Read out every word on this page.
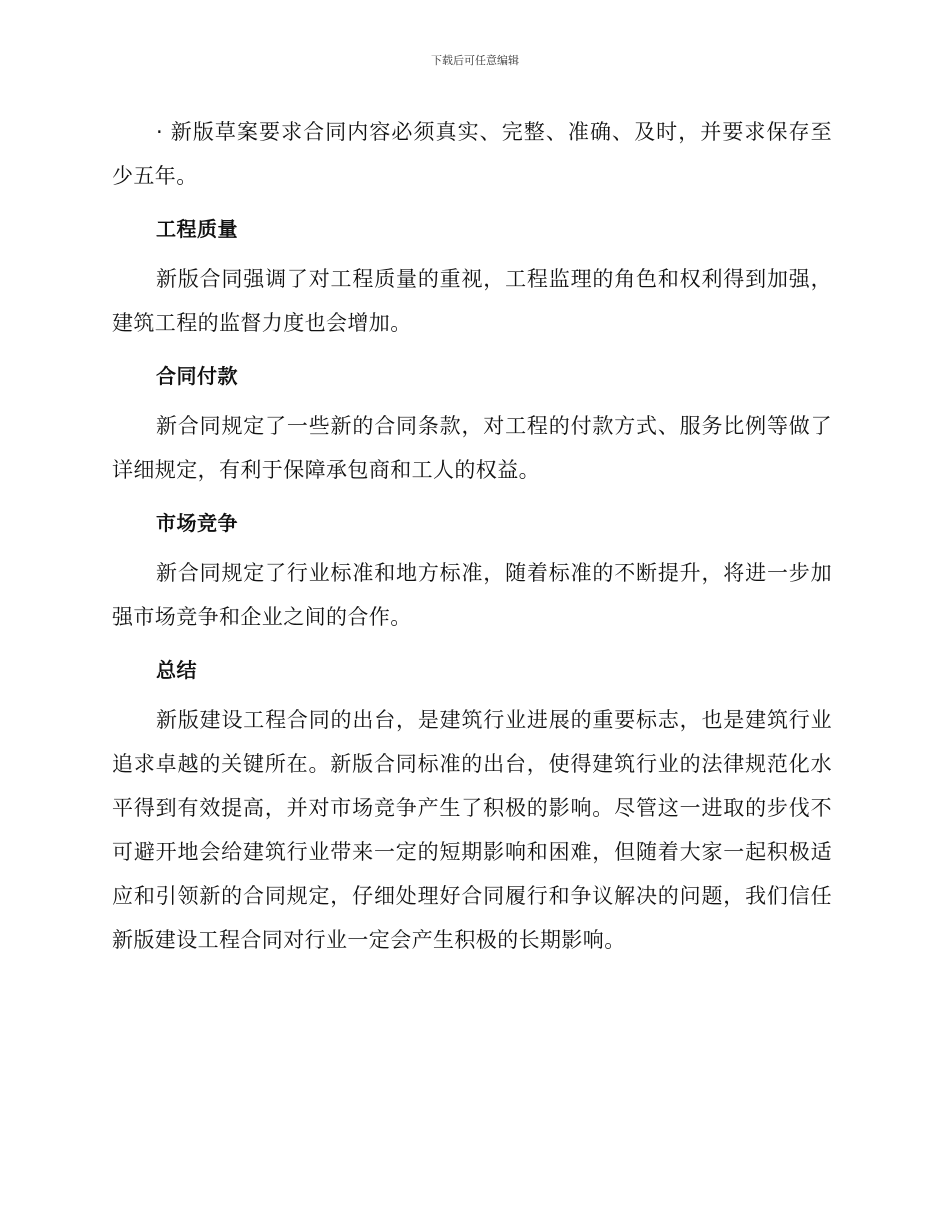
下载后可任意编辑

· 新版草案要求合同内容必须真实、完整、准确、及时，并要求保存至少五年。

工程质量

新版合同强调了对工程质量的重视，工程监理的角色和权利得到加强，建筑工程的监督力度也会增加。

合同付款

新合同规定了一些新的合同条款，对工程的付款方式、服务比例等做了详细规定，有利于保障承包商和工人的权益。

市场竞争

新合同规定了行业标准和地方标准，随着标准的不断提升，将进一步加强市场竞争和企业之间的合作。

总结

新版建设工程合同的出台，是建筑行业进展的重要标志，也是建筑行业追求卓越的关键所在。新版合同标准的出台，使得建筑行业的法律规范化水平得到有效提高，并对市场竞争产生了积极的影响。尽管这一进取的步伐不可避开地会给建筑行业带来一定的短期影响和困难，但随着大家一起积极适应和引领新的合同规定，仔细处理好合同履行和争议解决的问题，我们信任新版建设工程合同对行业一定会产生积极的长期影响。
